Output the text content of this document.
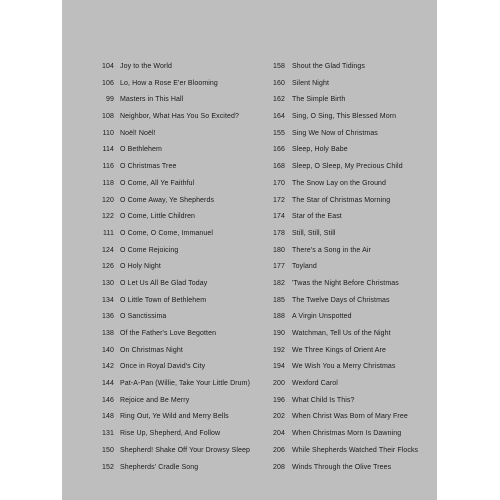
104 Joy to the World
106 Lo, How a Rose E'er Blooming
99 Masters in This Hall
108 Neighbor, What Has You So Excited?
110 Noël! Noël!
114 O Bethlehem
116 O Christmas Tree
118 O Come, All Ye Faithful
120 O Come Away, Ye Shepherds
122 O Come, Little Children
111 O Come, O Come, Immanuel
124 O Come Rejoicing
126 O Holy Night
130 O Let Us All Be Glad Today
134 O Little Town of Bethlehem
136 O Sanctissima
138 Of the Father's Love Begotten
140 On Christmas Night
142 Once in Royal David's City
144 Pat-A-Pan (Willie, Take Your Little Drum)
146 Rejoice and Be Merry
148 Ring Out, Ye Wild and Merry Bells
131 Rise Up, Shepherd, And Follow
150 Shepherd! Shake Off Your Drowsy Sleep
152 Shepherds' Cradle Song
158 Shout the Glad Tidings
160 Silent Night
162 The Simple Birth
164 Sing, O Sing, This Blessed Morn
155 Sing We Now of Christmas
166 Sleep, Holy Babe
168 Sleep, O Sleep, My Precious Child
170 The Snow Lay on the Ground
172 The Star of Christmas Morning
174 Star of the East
178 Still, Still, Still
180 There's a Song in the Air
177 Toyland
182 'Twas the Night Before Christmas
185 The Twelve Days of Christmas
188 A Virgin Unspotted
190 Watchman, Tell Us of the Night
192 We Three Kings of Orient Are
194 We Wish You a Merry Christmas
200 Wexford Carol
196 What Child Is This?
202 When Christ Was Born of Mary Free
204 When Christmas Morn Is Dawning
206 While Shepherds Watched Their Flocks
208 Winds Through the Olive Trees
